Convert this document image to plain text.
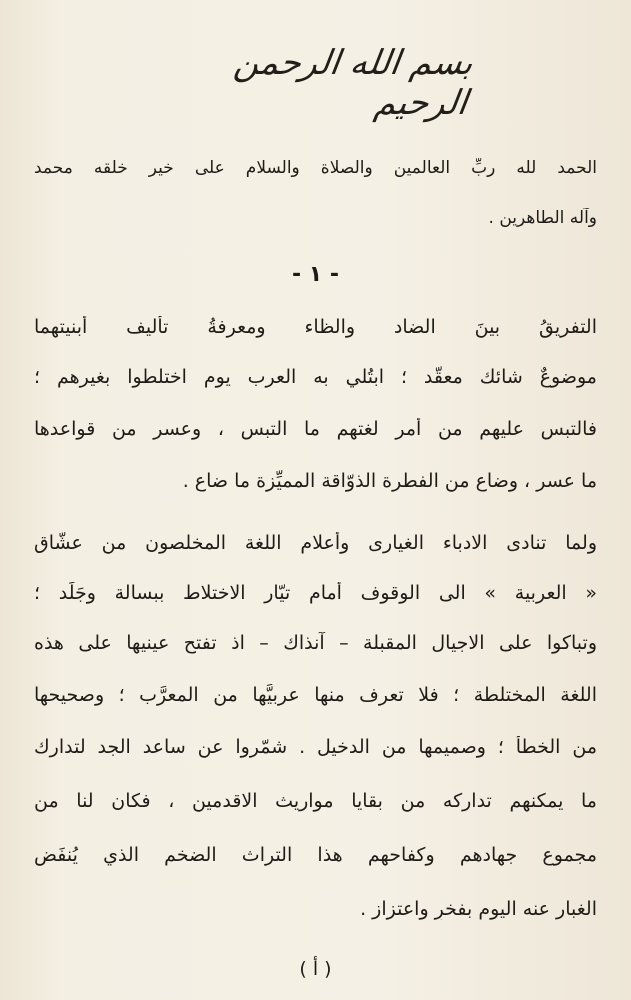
بسم الله الرحمن الرحيم
الحمد لله ربِّ العالمين والصلاة والسلام على خير خلقه محمد
وآله الطاهرين .
- ١ -
التفريقُ بينَ الضاد والظاء ومعرفةُ تأليف أبنيتهما
موضوعٌ شائك معقَّد ؛ ابتُلي به العرب يوم اختلطوا بغيرهم ؛
فالتبس عليهم من أمر لغتهم ما التبس ، وعسر من قواعدها
ما عسر ، وضاع من الفطرة الذوّاقة المميِّزة ما ضاع .
ولما تنادى الادباء الغيارى وأعلام اللغة المخلصون من عشّاق
« العربية » الى الوقوف أمام تيّار الاختلاط ببسالة وجَلَد ؛
وتباكوا على الاجيال المقبلة – آنذاك – اذ تفتح عينيها على هذه
اللغة المختلطة ؛ فلا تعرف منها عربيَّها من المعرَّب ؛ وصحيحها
من الخطأ ؛ وصميمها من الدخيل . شمّروا عن ساعد الجد لتدارك
ما يمكنهم تداركه من بقايا مواريث الاقدمين ، فكان لنا من
مجموع جهادهم وكفاحهم هذا التراث الضخم الذي يُنفَض
الغبار عنه اليوم بفخرٍ واعتزاز .
( أ )
